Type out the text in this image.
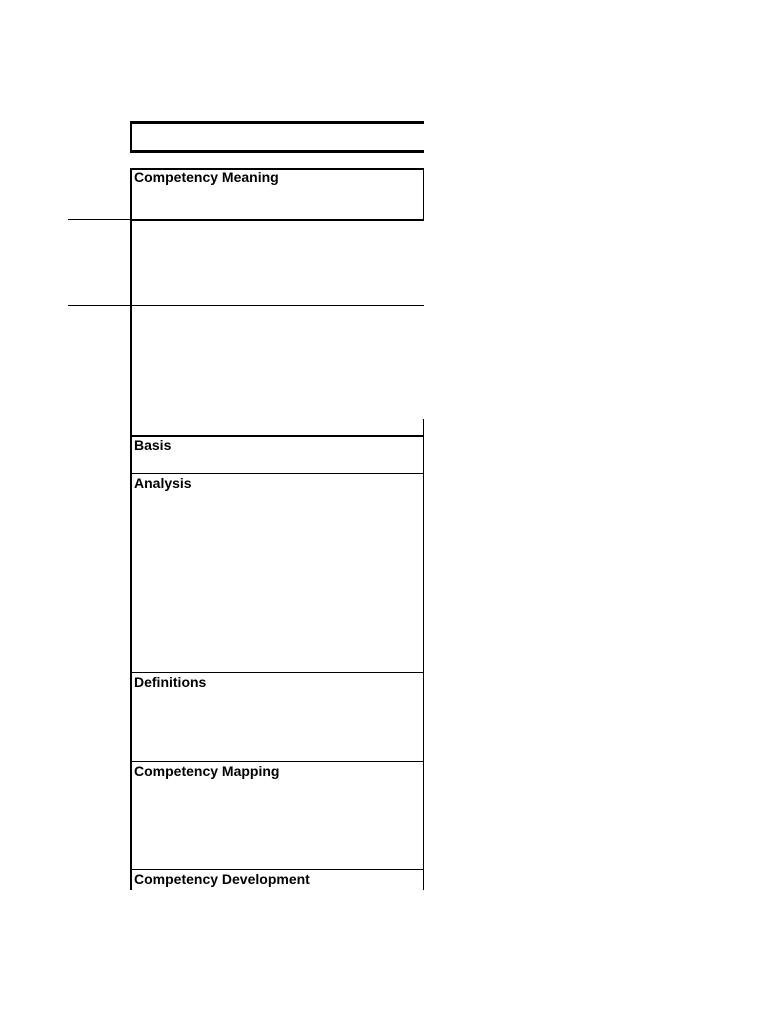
Competency Meaning
Basis
Analysis
Definitions
Competency Mapping
Competency Development
